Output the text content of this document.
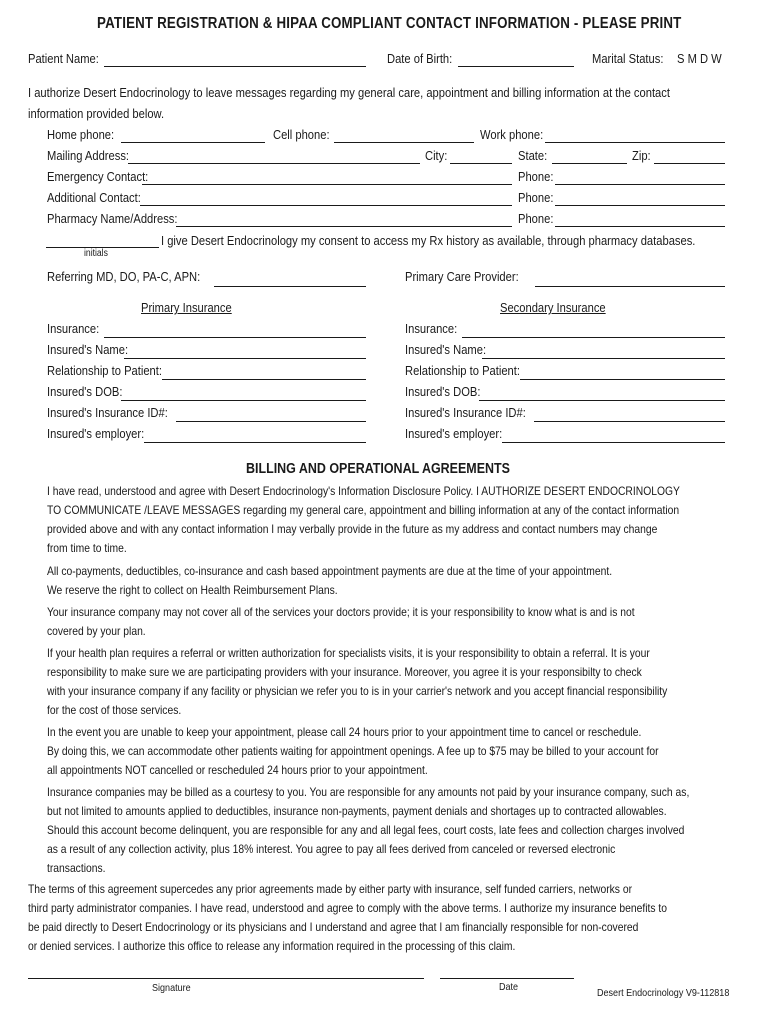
PATIENT REGISTRATION & HIPAA COMPLIANT CONTACT INFORMATION - PLEASE PRINT
Patient Name:	Date of Birth:	Marital Status: S M D W
I authorize Desert Endocrinology to leave messages regarding my general care, appointment and billing information at the contact
information provided below.
Home phone:	Cell phone:	Work phone:
Mailing Address:	City:	State:	Zip:
Emergency Contact:	Phone:
Additional Contact:	Phone:
Pharmacy Name/Address:	Phone:
I give Desert Endocrinology my consent to access my Rx history as available, through pharmacy databases.
initials
Referring MD, DO, PA-C, APN:	Primary Care Provider:
Primary Insurance	Secondary Insurance
Insurance:
Insured's Name:
Relationship to Patient:
Insured's DOB:
Insured's Insurance ID#:
Insured's employer:
Insurance:
Insured's Name:
Relationship to Patient:
Insured's DOB:
Insured's Insurance ID#:
Insured's employer:
BILLING AND OPERATIONAL AGREEMENTS
I have read, understood and agree with Desert Endocrinology's Information Disclosure Policy. I AUTHORIZE DESERT ENDOCRINOLOGY
TO COMMUNICATE /LEAVE MESSAGES regarding my general care, appointment and billing information at any of the contact information
provided above and with any contact information I may verbally provide in the future as my address and contact numbers may change
from time to time.
All co-payments, deductibles, co-insurance and cash based appointment payments are due at the time of your appointment.
We reserve the right to collect on Health Reimbursement Plans.
Your insurance company may not cover all of the services your doctors provide; it is your responsibility to know what is and is not
covered by your plan.
If your health plan requires a referral or written authorization for specialists visits, it is your responsibility to obtain a referral. It is your
responsibility to make sure we are participating providers with your insurance. Moreover, you agree it is your responsibilty to check
with your insurance company if any facility or physician we refer you to is in your carrier's network and you accept financial responsibility
for the cost of those services.
In the event you are unable to keep your appointment, please call 24 hours prior to your appointment time to cancel or reschedule.
By doing this, we can accommodate other patients waiting for appointment openings. A fee up to $75 may be billed to your account for
all appointments NOT cancelled or rescheduled 24 hours prior to your appointment.
Insurance companies may be billed as a courtesy to you. You are responsible for any amounts not paid by your insurance company, such as,
but not limited to amounts applied to deductibles, insurance non-payments, payment denials and shortages up to contracted allowables.
Should this account become delinquent, you are responsible for any and all legal fees, court costs, late fees and collection charges involved
as a result of any collection activity, plus 18% interest. You agree to pay all fees derived from canceled or reversed electronic
transactions.
The terms of this agreement supercedes any prior agreements made by either party with insurance, self funded carriers, networks or
third party administrator companies. I have read, understood and agree to comply with the above terms. I authorize my insurance benefits to
be paid directly to Desert Endocrinology or its physicians and I understand and agree that I am financially responsible for non-covered
or denied services. I authorize this office to release any information required in the processing of this claim.
Signature	Date	Desert Endocrinology V9-112818
